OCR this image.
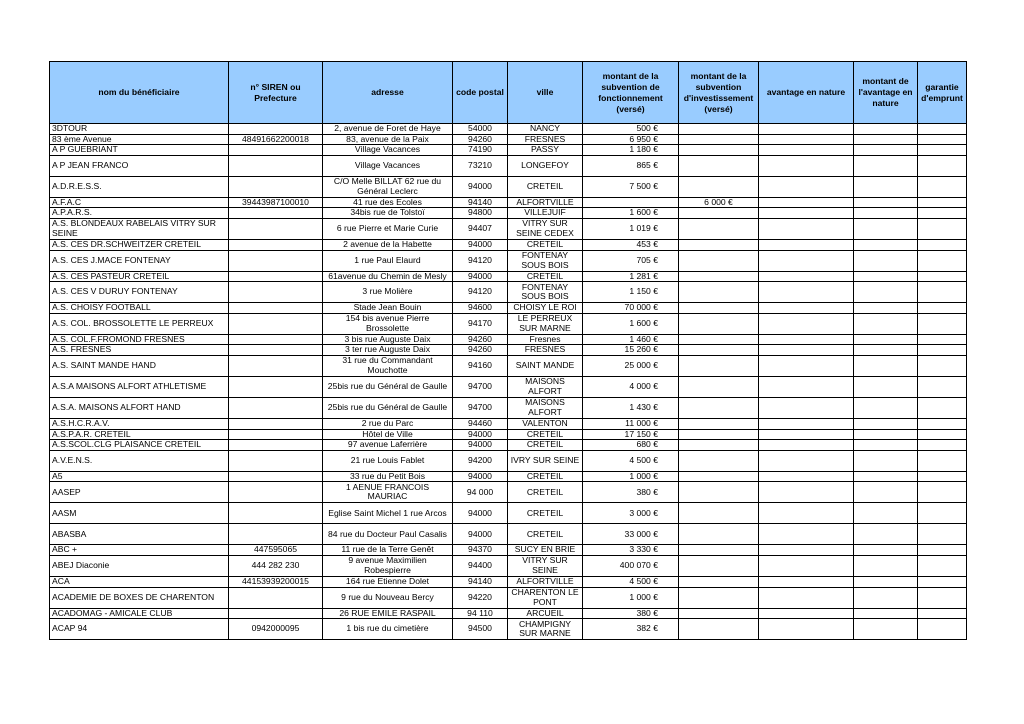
nom du bénéficiaire	n° SIREN ou Prefecture	adresse	code postal	ville	montant de la subvention de fonctionnement (versé)	montant de la subvention d'investissement (versé)	avantage en nature	montant de l'avantage en nature	garantie d'emprunt
3DTOUR		2, avenue de Foret de Haye	54000	NANCY	500 €				
83 ème Avenue	48491662200018	83, avenue de la Paix	94260	FRESNES	6 950 €				
A P GUEBRIANT		Village Vacances	74190	PASSY	1 180 €				
A P JEAN FRANCO		Village Vacances	73210	LONGEFOY	865 €				
A.D.R.E.S.S.		C/O Melle BILLAT 62 rue du Général Leclerc	94000	CRETEIL	7 500 €				
A.F.A.C	39443987100010	41 rue des Ecoles	94140	ALFORTVILLE		6 000 €			
A.P.A.R.S.		34bis rue de Tolstoï	94800	VILLEJUIF	1 600 €				
A.S. BLONDEAUX RABELAIS VITRY SUR SEINE		6 rue Pierre et Marie Curie	94407	VITRY SUR SEINE CEDEX	1 019 €				
A.S. CES DR.SCHWEITZER CRETEIL		2 avenue de la Habette	94000	CRETEIL	453 €				
A.S. CES J.MACE FONTENAY		1 rue Paul Elaurd	94120	FONTENAY SOUS BOIS	705 €				
A.S. CES PASTEUR CRETEIL		61avenue du Chemin de Mesly	94000	CRETEIL	1 281 €				
A.S. CES V DURUY FONTENAY		3 rue Molière	94120	FONTENAY SOUS BOIS	1 150 €				
A.S. CHOISY FOOTBALL		Stade Jean Bouin	94600	CHOISY LE ROI	70 000 €				
A.S. COL. BROSSOLETTE LE PERREUX		154 bis avenue Pierre Brossolette	94170	LE PERREUX SUR MARNE	1 600 €				
A.S. COL.F.FROMOND FRESNES		3 bis rue Auguste Daix	94260	Fresnes	1 460 €				
A.S. FRESNES		3 ter rue Auguste Daix	94260	FRESNES	15 260 €				
A.S. SAINT MANDE HAND		31 rue du Commandant Mouchotte	94160	SAINT MANDE	25 000 €				
A.S.A MAISONS ALFORT ATHLETISME		25bis rue du Général de Gaulle	94700	MAISONS ALFORT	4 000 €				
A.S.A. MAISONS ALFORT HAND		25bis rue du Général de Gaulle	94700	MAISONS ALFORT	1 430 €				
A.S.H.C.R.A.V.		2 rue du Parc	94460	VALENTON	11 000 €				
A.S.P.A.R. CRETEIL		Hôtel de Ville	94000	CRETEIL	17 150 €				
A.S.SCOL.CLG PLAISANCE CRETEIL		97 avenue Laferrière	94000	CRETEIL	680 €				
A.V.E.N.S.		21 rue Louis Fablet	94200	IVRY SUR SEINE	4 500 €				
A5		33 rue du Petit Bois	94000	CRETEIL	1 000 €				
AASEP		1 AENUE FRANCOIS MAURIAC	94 000	CRETEIL	380 €				
AASM		Eglise Saint Michel 1 rue Arcos	94000	CRETEIL	3 000 €				
ABASBA		84 rue du Docteur Paul Casalis	94000	CRETEIL	33 000 €				
ABC +	447595065	11 rue de la Terre Genêt	94370	SUCY EN BRIE	3 330 €				
ABEJ Diaconie	444 282 230	9 avenue Maximilien Robespierre	94400	VITRY SUR SEINE	400 070 €				
ACA	44153939200015	164 rue Etienne Dolet	94140	ALFORTVILLE	4 500 €				
ACADEMIE DE BOXES DE CHARENTON		9 rue du Nouveau Bercy	94220	CHARENTON LE PONT	1 000 €				
ACADOMAG - AMICALE CLUB		26 RUE EMILE RASPAIL	94 110	ARCUEIL	380 €				
ACAP 94	0942000095	1 bis rue du cimetière	94500	CHAMPIGNY SUR MARNE	382 €				
